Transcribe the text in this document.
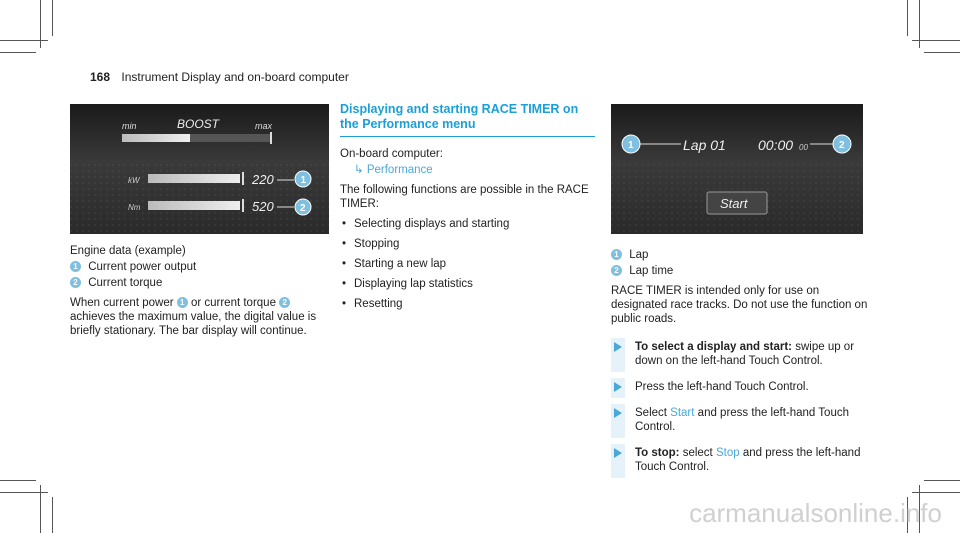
168 Instrument Display and on-board computer
min	BOOST	max
kW	220	1
Nm	520	2

Engine data (example)

1 Current power output
2 Current torque

When current power 1 or current torque 2 achieves the maximum value, the digital value is briefly stationary. The bar display will continue.

Displaying and starting RACE TIMER on the Performance menu

On-board computer:

↳ Performance

The following functions are possible in the RACE TIMER:

• Selecting displays and starting
• Stopping
• Starting a new lap
• Displaying lap statistics
• Resetting
1	Lap 01 00:00 00	2
Start
1 Lap
2 Lap time

RACE TIMER is intended only for use on designated race tracks. Do not use the function on public roads.

To select a display and start: swipe up or down on the left-hand Touch Control.
Press the left-hand Touch Control.
Select Start and press the left-hand Touch Control.
To stop: select Stop and press the left-hand Touch Control.
carmanualsonline.info
